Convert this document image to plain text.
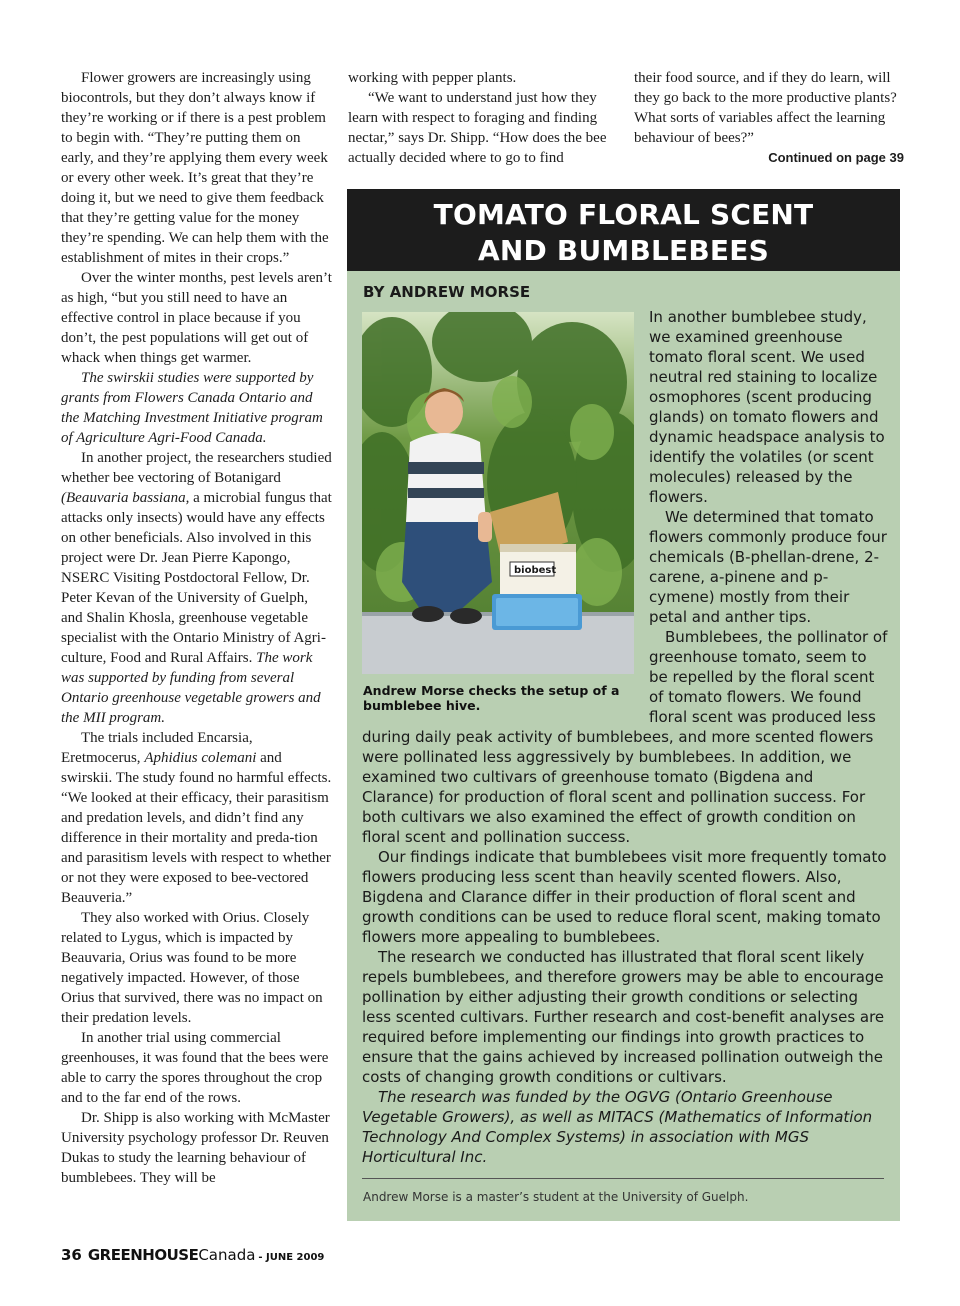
Flower growers are increasingly using biocontrols, but they don’t always know if they’re working or if there is a pest problem to begin with. “They’re putting them on early, and they’re applying them every week or every other week. It’s great that they’re doing it, but we need to give them feedback that they’re getting value for the money they’re spending. We can help them with the establishment of mites in their crops.”

Over the winter months, pest levels aren’t as high, “but you still need to have an effective control in place because if you don’t, the pest populations will get out of whack when things get warmer.

The swirskii studies were supported by grants from Flowers Canada Ontario and the Matching Investment Initiative program of Agriculture Agri-Food Canada.

In another project, the researchers studied whether bee vectoring of Botanigard (Beauvaria bassiana, a microbial fungus that attacks only insects) would have any effects on other beneficials. Also involved in this project were Dr. Jean Pierre Kapongo, NSERC Visiting Postdoctoral Fellow, Dr. Peter Kevan of the University of Guelph, and Shalin Khosla, greenhouse vegetable specialist with the Ontario Ministry of Agri-culture, Food and Rural Affairs. The work was supported by funding from several Ontario greenhouse vegetable growers and the MII program.

The trials included Encarsia, Eretmocerus, Aphidius colemani and swirskii. The study found no harmful effects. “We looked at their efficacy, their parasitism and predation levels, and didn’t find any difference in their mortality and preda-tion and parasitism levels with respect to whether or not they were exposed to bee-vectored Beauveria.”

They also worked with Orius. Closely related to Lygus, which is impacted by Beauvaria, Orius was found to be more negatively impacted. However, of those Orius that survived, there was no impact on their predation levels.

In another trial using commercial greenhouses, it was found that the bees were able to carry the spores throughout the crop and to the far end of the rows.

Dr. Shipp is also working with McMaster University psychology professor Dr. Reuven Dukas to study the learning behaviour of bumblebees. They will be

working with pepper plants.

“We want to understand just how they learn with respect to foraging and finding nectar,” says Dr. Shipp. “How does the bee actually decided where to go to find

their food source, and if they do learn, will they go back to the more productive plants? What sorts of variables affect the learning behaviour of bees?”

Continued on page 39
TOMATO FLORAL SCENT
AND BUMBLEBEES
BY ANDREW MORSE
biobest
Andrew Morse checks the setup of a bumblebee hive.

In another bumblebee study, we examined greenhouse tomato floral scent. We used neutral red staining to localize osmophores (scent producing glands) on tomato flowers and dynamic headspace analysis to identify the volatiles (or scent molecules) released by the flowers.

We determined that tomato flowers commonly produce four chemicals (B-phellan-drene, 2-carene, a-pinene and p-cymene) mostly from their petal and anther tips.

Bumblebees, the pollinator of greenhouse tomato, seem to be repelled by the floral scent of tomato flowers. We found floral scent was produced less

during daily peak activity of bumblebees, and more scented flowers were pollinated less aggressively by bumblebees. In addition, we examined two cultivars of greenhouse tomato (Bigdena and Clarance) for production of floral scent and pollination success. For both cultivars we also examined the effect of growth condition on floral scent and pollination success.

Our findings indicate that bumblebees visit more frequently tomato flowers producing less scent than heavily scented flowers. Also, Bigdena and Clarance differ in their production of floral scent and growth conditions can be used to reduce floral scent, making tomato flowers more appealing to bumblebees.

The research we conducted has illustrated that floral scent likely repels bumblebees, and therefore growers may be able to encourage pollination by either adjusting their growth conditions or selecting less scented cultivars. Further research and cost-benefit analyses are required before implementing our findings into growth practices to ensure that the gains achieved by increased pollination outweigh the costs of changing growth conditions or cultivars.

The research was funded by the OGVG (Ontario Greenhouse Vegetable Growers), as well as MITACS (Mathematics of Information Technology And Complex Systems) in association with MGS Horticultural Inc.

Andrew Morse is a master’s student at the University of Guelph.
36 GREENHOUSE Canada - JUNE 2009
